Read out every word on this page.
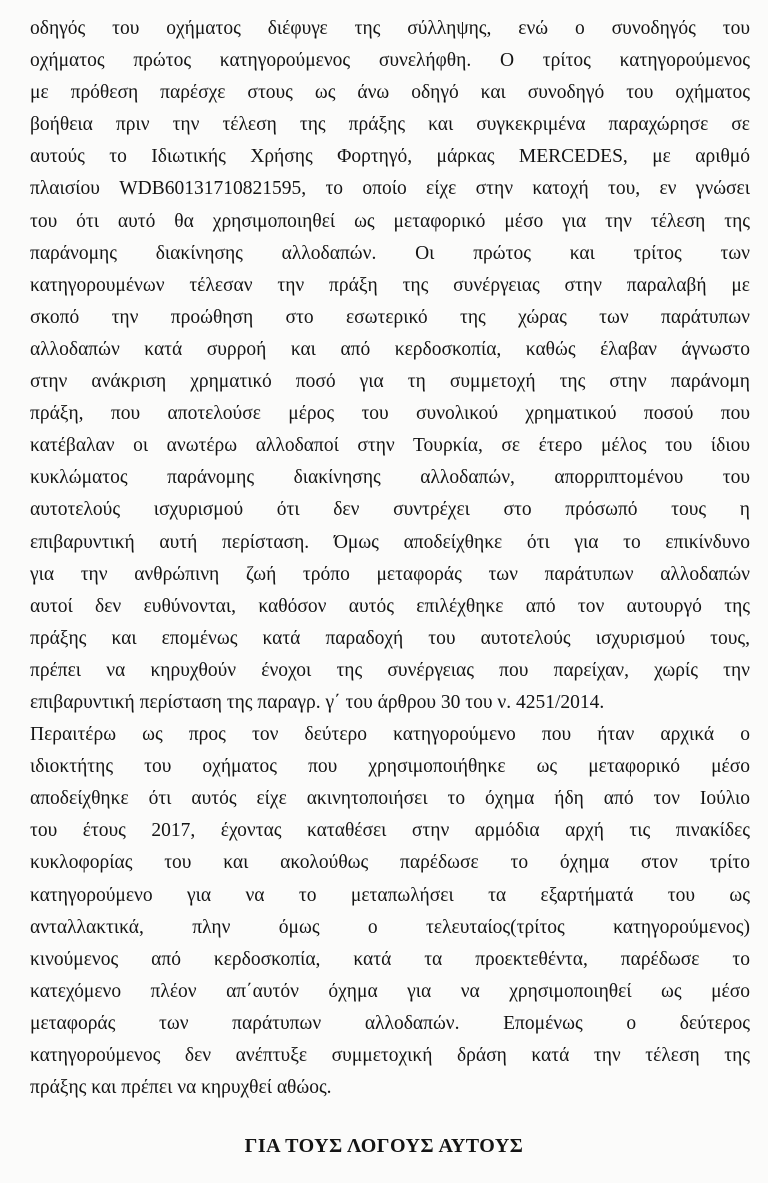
οδηγός του οχήματος διέφυγε της σύλληψης, ενώ ο συνοδηγός του
οχήματος πρώτος κατηγορούμενος συνελήφθη. Ο τρίτος κατηγορούμενος
με πρόθεση παρέσχε στους ως άνω οδηγό και συνοδηγό του οχήματος
βοήθεια πριν την τέλεση της πράξης και συγκεκριμένα παραχώρησε σε
αυτούς το Ιδιωτικής Χρήσης Φορτηγό, μάρκας MERCEDES, με αριθμό
πλαισίου WDB60131710821595, το οποίο είχε στην κατοχή του, εν γνώσει
του ότι αυτό θα χρησιμοποιηθεί ως μεταφορικό μέσο για την τέλεση της
παράνομης διακίνησης αλλοδαπών. Οι πρώτος και τρίτος των
κατηγορουμένων τέλεσαν την πράξη της συνέργειας στην παραλαβή με
σκοπό την προώθηση στο εσωτερικό της χώρας των παράτυπων
αλλοδαπών κατά συρροή και από κερδοσκοπία, καθώς έλαβαν άγνωστο
στην ανάκριση χρηματικό ποσό για τη συμμετοχή της στην παράνομη
πράξη, που αποτελούσε μέρος του συνολικού χρηματικού ποσού που
κατέβαλαν οι ανωτέρω αλλοδαποί στην Τουρκία, σε έτερο μέλος του ίδιου
κυκλώματος παράνομης διακίνησης αλλοδαπών, απορριπτομένου του
αυτοτελούς ισχυρισμού ότι δεν συντρέχει στο πρόσωπό τους η
επιβαρυντική αυτή περίσταση. Όμως αποδείχθηκε ότι για το επικίνδυνο
για την ανθρώπινη ζωή τρόπο μεταφοράς των παράτυπων αλλοδαπών
αυτοί δεν ευθύνονται, καθόσον αυτός επιλέχθηκε από τον αυτουργό της
πράξης και επομένως κατά παραδοχή του αυτοτελούς ισχυρισμού τους,
πρέπει να κηρυχθούν ένοχοι της συνέργειας που παρείχαν, χωρίς την
επιβαρυντική περίσταση της παραγρ. γ΄ του άρθρου 30 του ν. 4251/2014.
Περαιτέρω ως προς τον δεύτερο κατηγορούμενο που ήταν αρχικά ο
ιδιοκτήτης του οχήματος που χρησιμοποιήθηκε ως μεταφορικό μέσο
αποδείχθηκε ότι αυτός είχε ακινητοποιήσει το όχημα ήδη από τον Ιούλιο
του έτους 2017, έχοντας καταθέσει στην αρμόδια αρχή τις πινακίδες
κυκλοφορίας του και ακολούθως παρέδωσε το όχημα στον τρίτο
κατηγορούμενο για να το μεταπωλήσει τα εξαρτήματά του ως
ανταλλακτικά, πλην όμως ο τελευταίος(τρίτος κατηγορούμενος)
κινούμενος από κερδοσκοπία, κατά τα προεκτεθέντα, παρέδωσε το
κατεχόμενο πλέον απ΄αυτόν όχημα για να χρησιμοποιηθεί ως μέσο
μεταφοράς των παράτυπων αλλοδαπών. Επομένως ο δεύτερος
κατηγορούμενος δεν ανέπτυξε συμμετοχική δράση κατά την τέλεση της
πράξης και πρέπει να κηρυχθεί αθώος.
ΓΙΑ ΤΟΥΣ ΛΟΓΟΥΣ ΑΥΤΟΥΣ
